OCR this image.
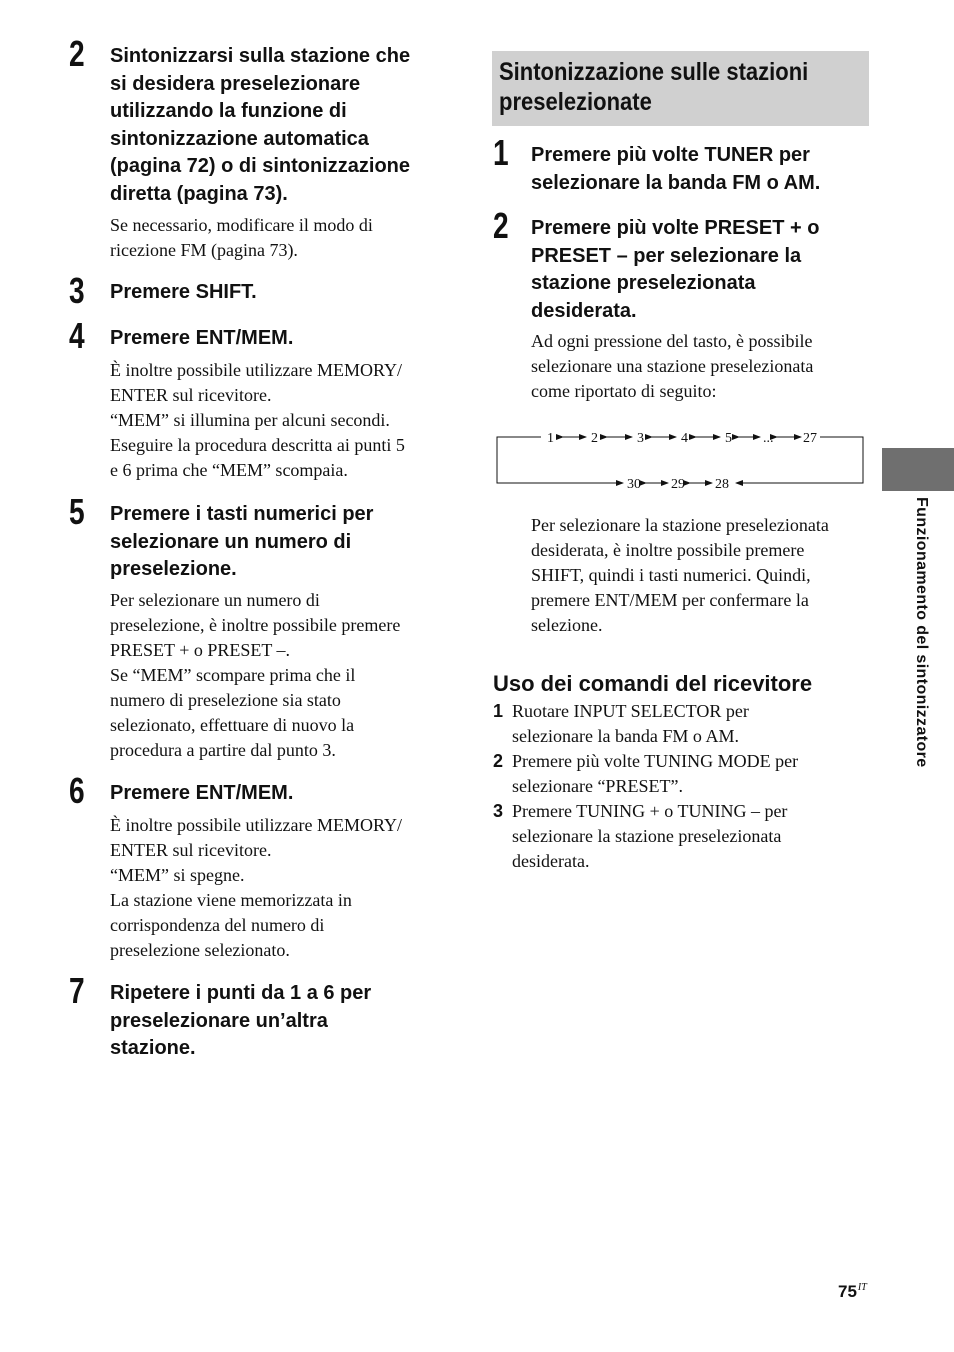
2 Sintonizzarsi sulla stazione che
si desidera preselezionare
utilizzando la funzione di
sintonizzazione automatica
(pagina 72) o di sintonizzazione
diretta (pagina 73).
Se necessario, modificare il modo di
ricezione FM (pagina 73).
3 Premere SHIFT.
4 Premere ENT/MEM.
È inoltre possibile utilizzare MEMORY/
ENTER sul ricevitore.
“MEM” si illumina per alcuni secondi.
Eseguire la procedura descritta ai punti 5
e 6 prima che “MEM” scompaia.
5 Premere i tasti numerici per
selezionare un numero di
preselezione.
Per selezionare un numero di
preselezione, è inoltre possibile premere
PRESET + o PRESET –.
Se “MEM” scompare prima che il
numero di preselezione sia stato
selezionato, effettuare di nuovo la
procedura a partire dal punto 3.
6 Premere ENT/MEM.
È inoltre possibile utilizzare MEMORY/
ENTER sul ricevitore.
“MEM” si spegne.
La stazione viene memorizzata in
corrispondenza del numero di
preselezione selezionato.
7 Ripetere i punti da 1 a 6 per
preselezionare un’altra
stazione.
Sintonizzazione sulle stazioni
preselezionate
1 Premere più volte TUNER per
selezionare la banda FM o AM.
2 Premere più volte PRESET + o
PRESET – per selezionare la
stazione preselezionata
desiderata.
Ad ogni pressione del tasto, è possibile
selezionare una stazione preselezionata
come riportato di seguito:
1	2	3	4	5 ... 27
30 29 28
Per selezionare la stazione preselezionata
desiderata, è inoltre possibile premere
SHIFT, quindi i tasti numerici. Quindi,
premere ENT/MEM per confermare la
selezione.
Uso dei comandi del ricevitore
1 Ruotare INPUT SELECTOR per
selezionare la banda FM o AM.
2 Premere più volte TUNING MODE per
selezionare “PRESET”.
3 Premere TUNING + o TUNING – per
selezionare la stazione preselezionata
desiderata.
Funzionamento del sintonizzatore
$75^{IT}$
